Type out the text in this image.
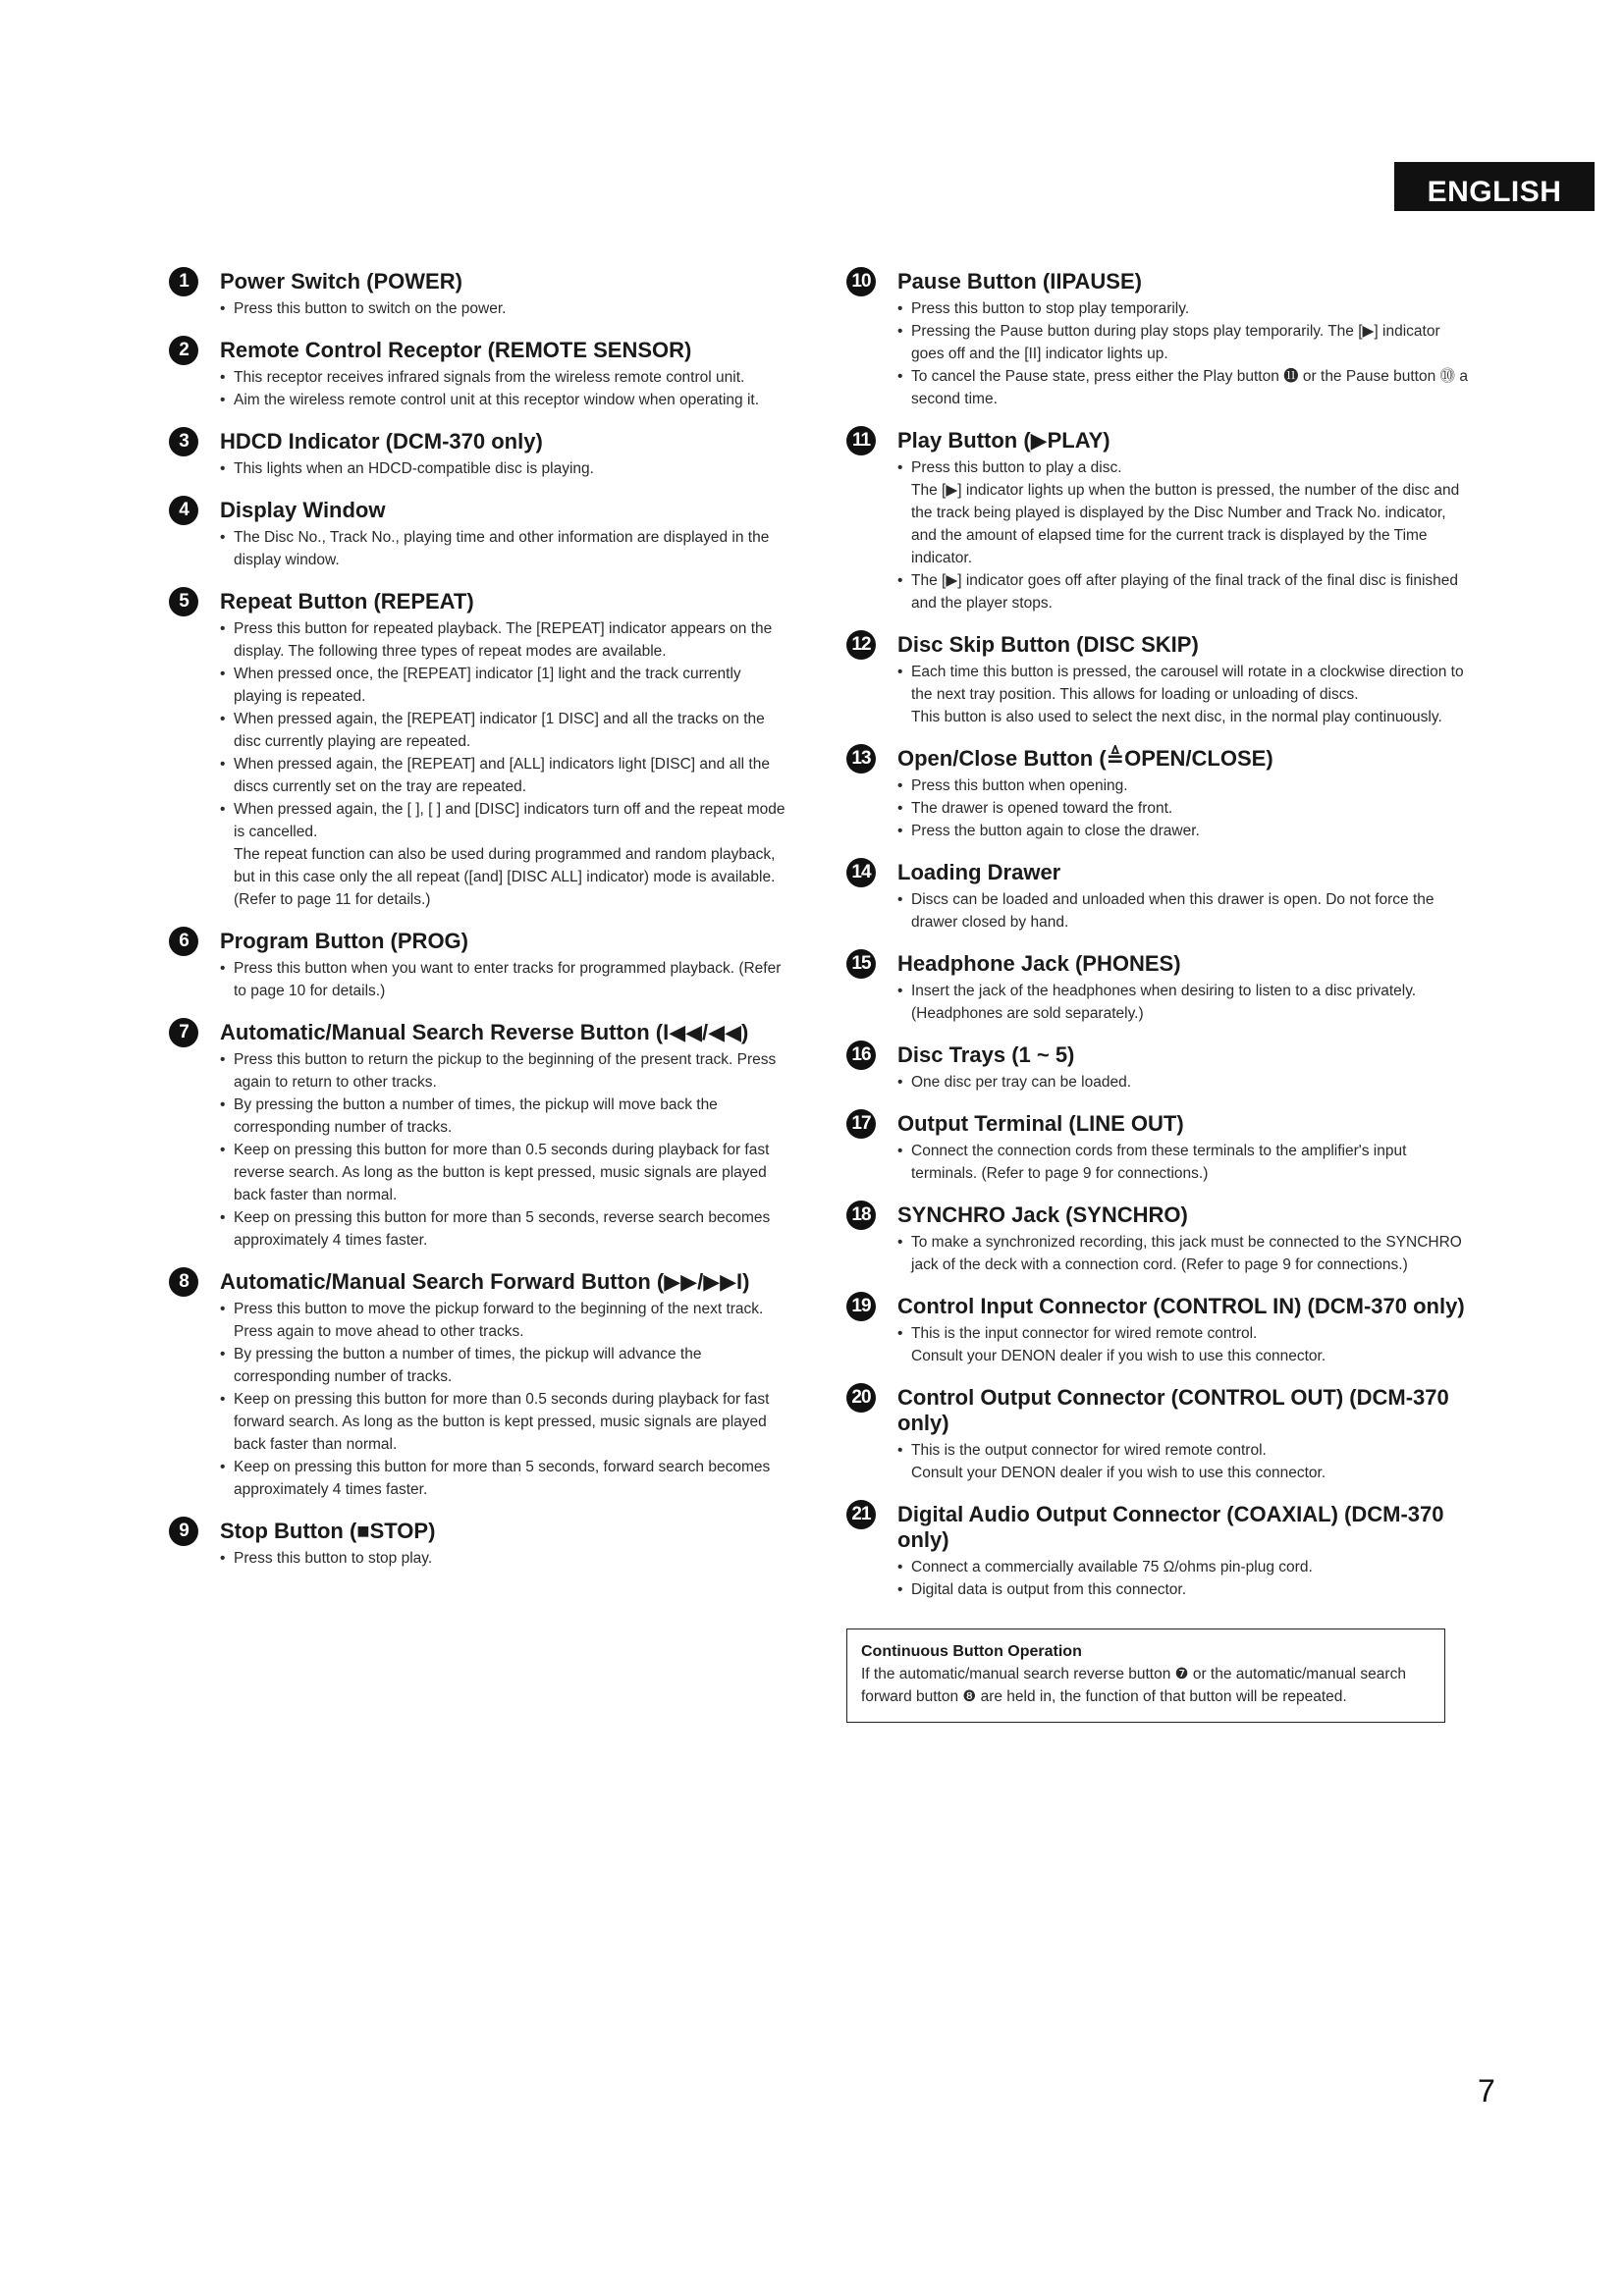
ENGLISH
1	Power Switch (POWER)
• Press this button to switch on the power.
2	Remote Control Receptor (REMOTE SENSOR)
• This receptor receives infrared signals from the wireless remote control unit.
• Aim the wireless remote control unit at this receptor window when operating it.
3	HDCD Indicator (DCM-370 only)
• This lights when an HDCD-compatible disc is playing.
4	Display Window
• The Disc No., Track No., playing time and other information are displayed in the display window.
5	Repeat Button (REPEAT)
• Press this button for repeated playback. The [REPEAT] indicator appears on the display. The following three types of repeat modes are available.
• When pressed once, the [REPEAT] indicator [1] light and the track currently playing is repeated.
• When pressed again, the [REPEAT] indicator [1 DISC] and all the tracks on the disc currently playing are repeated.
• When pressed again, the [REPEAT] and [ALL] indicators light [DISC] and all the discs currently set on the tray are repeated.
• When pressed again, the [ ], [ ] and [DISC] indicators turn off and the repeat mode is cancelled.
The repeat function can also be used during programmed and random playback, but in this case only the all repeat ([and] [DISC ALL] indicator) mode is available.
(Refer to page 11 for details.)
6	Program Button (PROG)
• Press this button when you want to enter tracks for programmed playback. (Refer to page 10 for details.)
7	Automatic/Manual Search Reverse Button (I◀◀/◀◀)
• Press this button to return the pickup to the beginning of the present track. Press again to return to other tracks.
• By pressing the button a number of times, the pickup will move back the corresponding number of tracks.
• Keep on pressing this button for more than 0.5 seconds during playback for fast reverse search. As long as the button is kept pressed, music signals are played back faster than normal.
• Keep on pressing this button for more than 5 seconds, reverse search becomes approximately 4 times faster.
8	Automatic/Manual Search Forward Button (▶▶/▶▶I)
• Press this button to move the pickup forward to the beginning of the next track. Press again to move ahead to other tracks.
• By pressing the button a number of times, the pickup will advance the corresponding number of tracks.
• Keep on pressing this button for more than 0.5 seconds during playback for fast forward search. As long as the button is kept pressed, music signals are played back faster than normal.
• Keep on pressing this button for more than 5 seconds, forward search becomes approximately 4 times faster.
9	Stop Button (■STOP)
• Press this button to stop play.
10 Pause Button (IIPAUSE)
• Press this button to stop play temporarily.
• Pressing the Pause button during play stops play temporarily. The [▶] indicator goes off and the [II] indicator lights up.
• To cancel the Pause state, press either the Play button ⓫ or the Pause button ⓾ a second time.
11 Play Button (▶PLAY)
• Press this button to play a disc.
The [▶] indicator lights up when the button is pressed, the number of the disc and the track being played is displayed by the Disc Number and Track No. indicator, and the amount of elapsed time for the current track is displayed by the Time indicator.
• The [▶] indicator goes off after playing of the final track of the final disc is finished and the player stops.
12 Disc Skip Button (DISC SKIP)
• Each time this button is pressed, the carousel will rotate in a clockwise direction to the next tray position. This allows for loading or unloading of discs.
This button is also used to select the next disc, in the normal play continuously.
13 Open/Close Button (≜OPEN/CLOSE)
• Press this button when opening.
• The drawer is opened toward the front.
• Press the button again to close the drawer.
14 Loading Drawer
• Discs can be loaded and unloaded when this drawer is open. Do not force the drawer closed by hand.
15 Headphone Jack (PHONES)
• Insert the jack of the headphones when desiring to listen to a disc privately. (Headphones are sold separately.)
16 Disc Trays (1 ~ 5)
• One disc per tray can be loaded.
17 Output Terminal (LINE OUT)
• Connect the connection cords from these terminals to the amplifier's input terminals. (Refer to page 9 for connections.)
18 SYNCHRO Jack (SYNCHRO)
• To make a synchronized recording, this jack must be connected to the SYNCHRO jack of the deck with a connection cord. (Refer to page 9 for connections.)
19 Control Input Connector (CONTROL IN) (DCM-370 only)
• This is the input connector for wired remote control.
Consult your DENON dealer if you wish to use this connector.
20 Control Output Connector (CONTROL OUT) (DCM-370 only)
• This is the output connector for wired remote control.
Consult your DENON dealer if you wish to use this connector.
21 Digital Audio Output Connector (COAXIAL) (DCM-370 only)
• Connect a commercially available 75 Ω/ohms pin-plug cord.
• Digital data is output from this connector.
Continuous Button Operation
If the automatic/manual search reverse button ❼ or the automatic/manual search forward button ❽ are held in, the function of that button will be repeated.
7
